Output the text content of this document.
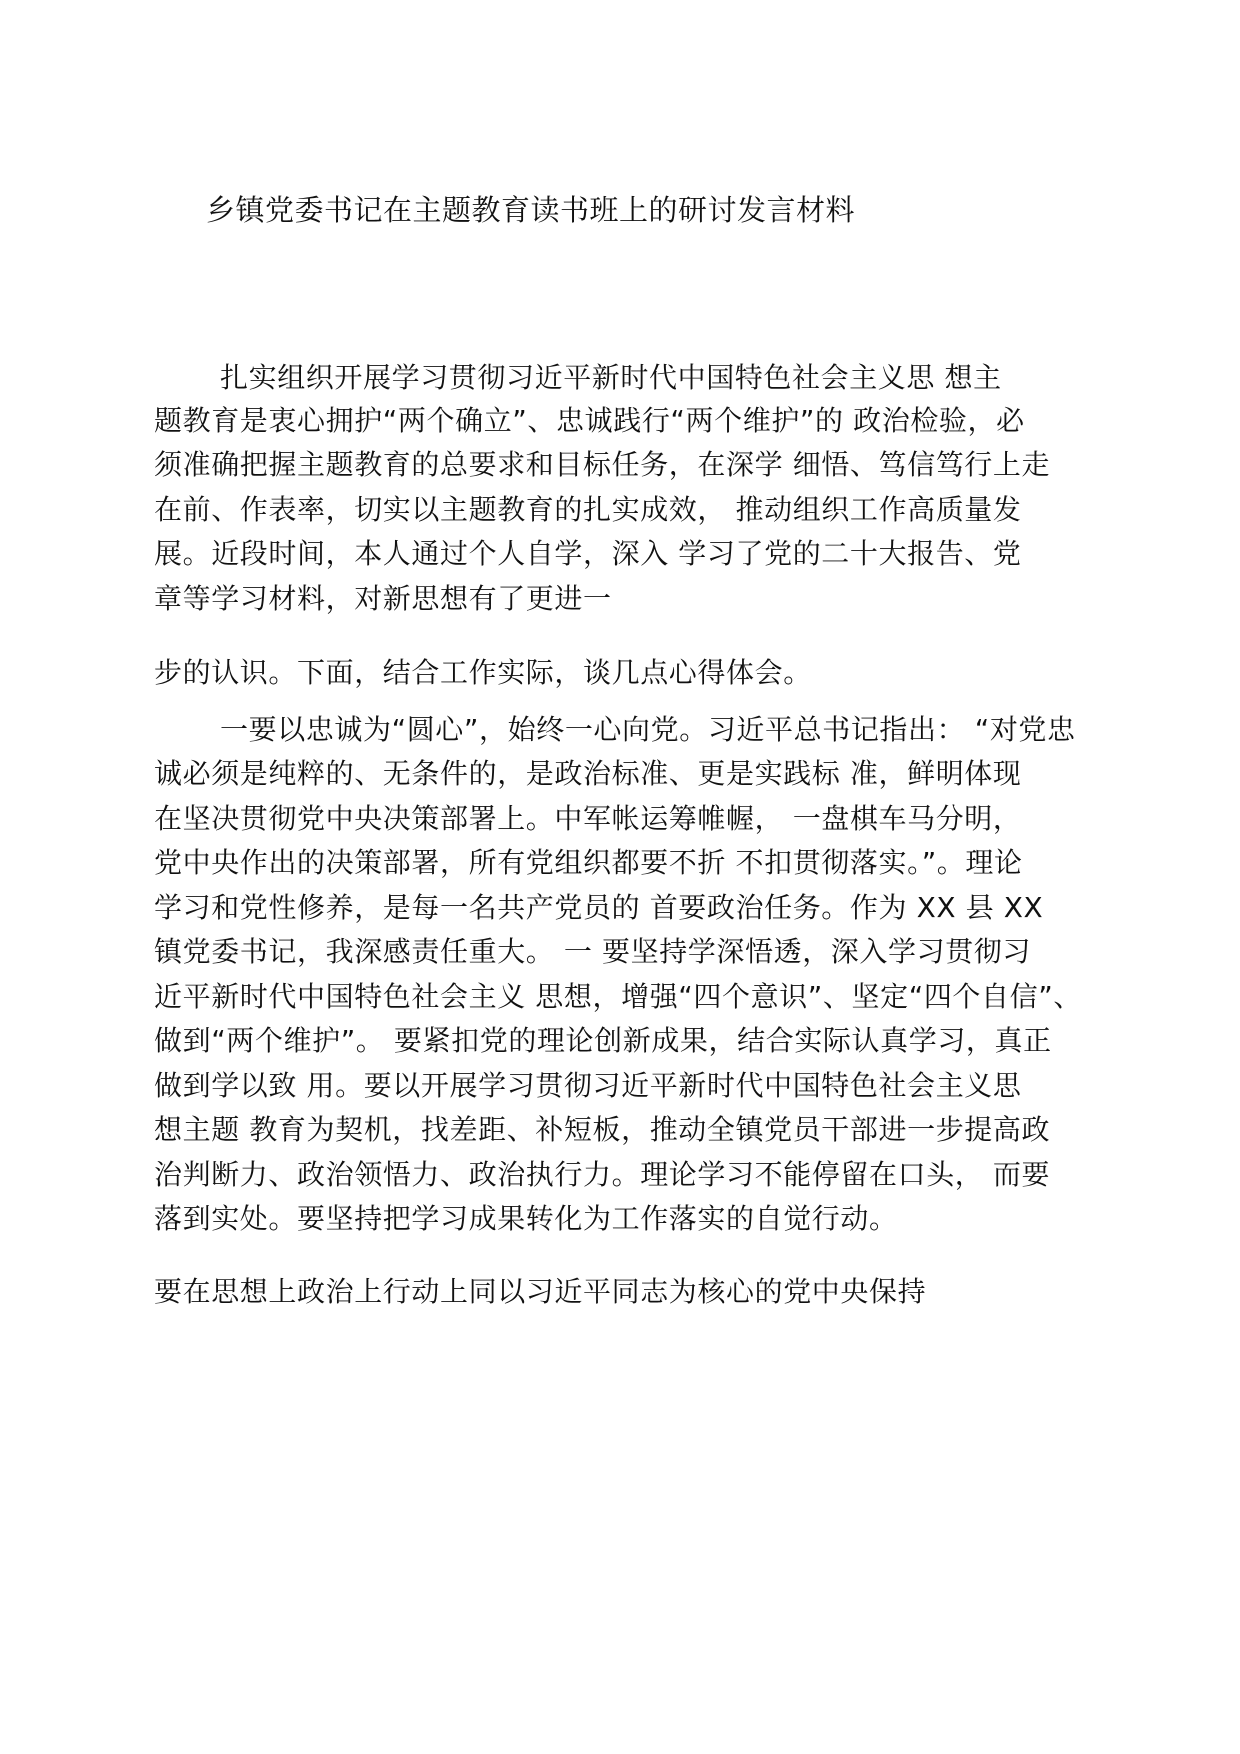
乡镇党委书记在主题教育读书班上的研讨发言材料
扎实组织开展学习贯彻习近平新时代中国特色社会主义思 想主
题教育是衷心拥护“两个确立”、忠诚践行“两个维护”的 政治检验，必
须准确把握主题教育的总要求和目标任务，在深学 细悟、笃信笃行上走
在前、作表率，切实以主题教育的扎实成效， 推动组织工作高质量发
展。近段时间，本人通过个人自学，深入 学习了党的二十大报告、党
章等学习材料，对新思想有了更进一
步的认识。下面，结合工作实际，谈几点心得体会。
一要以忠诚为“圆心”，始终一心向党。习近平总书记指出： “对党忠
诚必须是纯粹的、无条件的，是政治标准、更是实践标 准，鲜明体现
在坚决贯彻党中央决策部署上。中军帐运筹帷幄， 一盘棋车马分明，
党中央作出的决策部署，所有党组织都要不折 不扣贯彻落实。”。理论
学习和党性修养，是每一名共产党员的 首要政治任务。作为 XX 县 XX
镇党委书记，我深感责任重大。 一 要坚持学深悟透，深入学习贯彻习
近平新时代中国特色社会主义 思想，增强“四个意识”、坚定“四个自信”、
做到“两个维护”。 要紧扣党的理论创新成果，结合实际认真学习，真正
做到学以致 用。要以开展学习贯彻习近平新时代中国特色社会主义思
想主题 教育为契机，找差距、补短板，推动全镇党员干部进一步提高政
治判断力、政治领悟力、政治执行力。理论学习不能停留在口头， 而要
落到实处。要坚持把学习成果转化为工作落实的自觉行动。
要在思想上政治上行动上同以习近平同志为核心的党中央保持
